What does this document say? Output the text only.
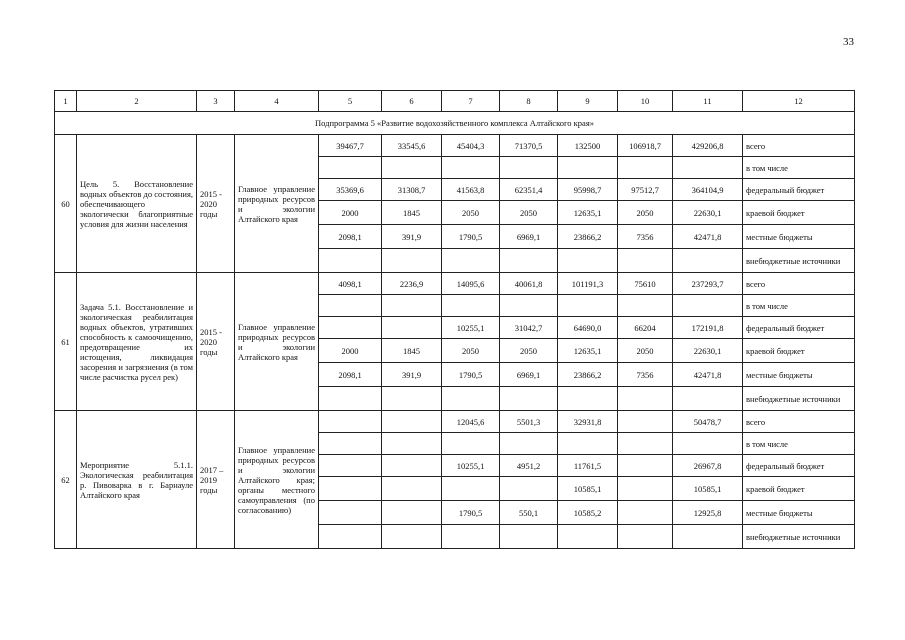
33
1	2	3	4	5	6	7	8	9	10	11	12
Подпрограмма 5 «Развитие водохозяйственного комплекса Алтайского края»											
60	Цель 5. Восстановление водных объектов до состояния, обеспечивающего экологически благоприятные условия для жизни населения	2015 - 2020 годы	Главное управление природных ресурсов и экологии Алтайского края	39467,7	33545,6	45404,3	71370,5	132500	106918,7	429206,8	всего
											в том числе
				35369,6	31308,7	41563,8	62351,4	95998,7	97512,7	364104,9	федеральный бюджет
				2000	1845	2050	2050	12635,1	2050	22630,1	краевой бюджет
				2098,1	391,9	1790,5	6969,1	23866,2	7356	42471,8	местные бюджеты
											внебюджетные источники
61	Задача 5.1. Восстановление и экологическая реабилитация водных объектов, утративших способность к самоочищению, предотвращение их истощения, ликвидация засорения и загрязнения (в том числе расчистка русел рек)	2015 - 2020 годы	Главное управление природных ресурсов и экологии Алтайского края	4098,1	2236,9	14095,6	40061,8	101191,3	75610	237293,7	всего
											в том числе
						10255,1	31042,7	64690,0	66204	172191,8	федеральный бюджет
				2000	1845	2050	2050	12635,1	2050	22630,1	краевой бюджет
				2098,1	391,9	1790,5	6969,1	23866,2	7356	42471,8	местные бюджеты
											внебюджетные источники
62	Мероприятие 5.1.1. Экологическая реабилитация р. Пивоварка в г. Барнауле Алтайского края	2017 – 2019 годы	Главное управление природных ресурсов и экологии Алтайского края; органы местного самоуправления (по согласованию)			12045,6	5501,3	32931,8		50478,7	всего
											в том числе
						10255,1	4951,2	11761,5		26967,8	федеральный бюджет
								10585,1		10585,1	краевой бюджет
						1790,5	550,1	10585,2		12925,8	местные бюджеты
											внебюджетные источники
